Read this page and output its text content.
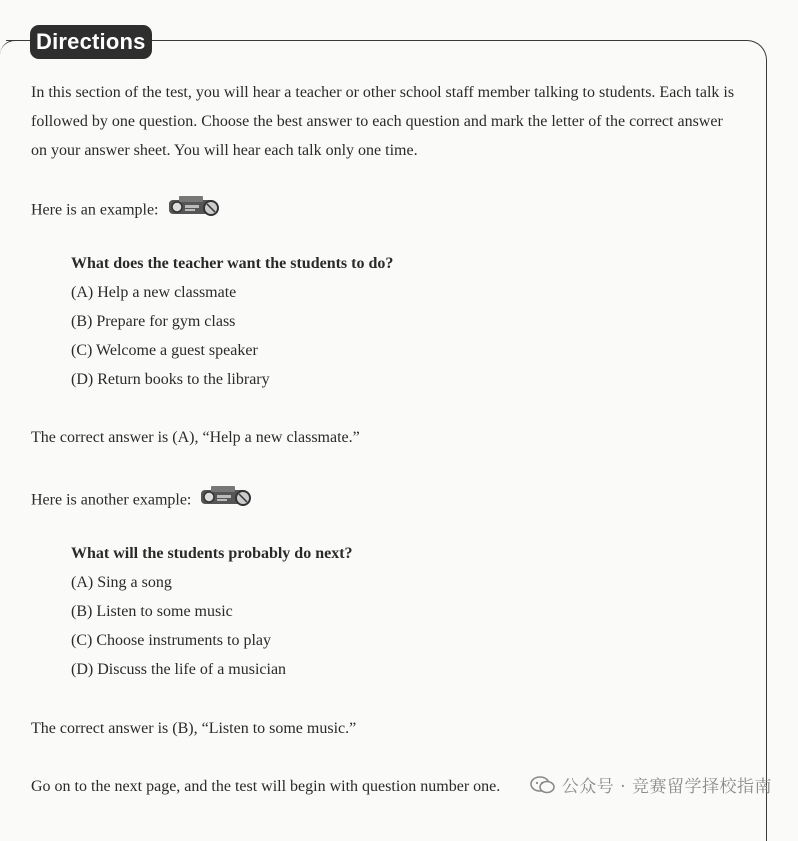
Directions
In this section of the test, you will hear a teacher or other school staff member talking to students. Each talk is followed by one question. Choose the best answer to each question and mark the letter of the correct answer on your answer sheet. You will hear each talk only one time.
Here is an example:
What does the teacher want the students to do?
(A) Help a new classmate
(B) Prepare for gym class
(C) Welcome a guest speaker
(D) Return books to the library
The correct answer is (A), “Help a new classmate.”
Here is another example:
What will the students probably do next?
(A) Sing a song
(B) Listen to some music
(C) Choose instruments to play
(D) Discuss the life of a musician
The correct answer is (B), “Listen to some music.”
Go on to the next page, and the test will begin with question number one.	公众号 · 竞赛留学择校指南
